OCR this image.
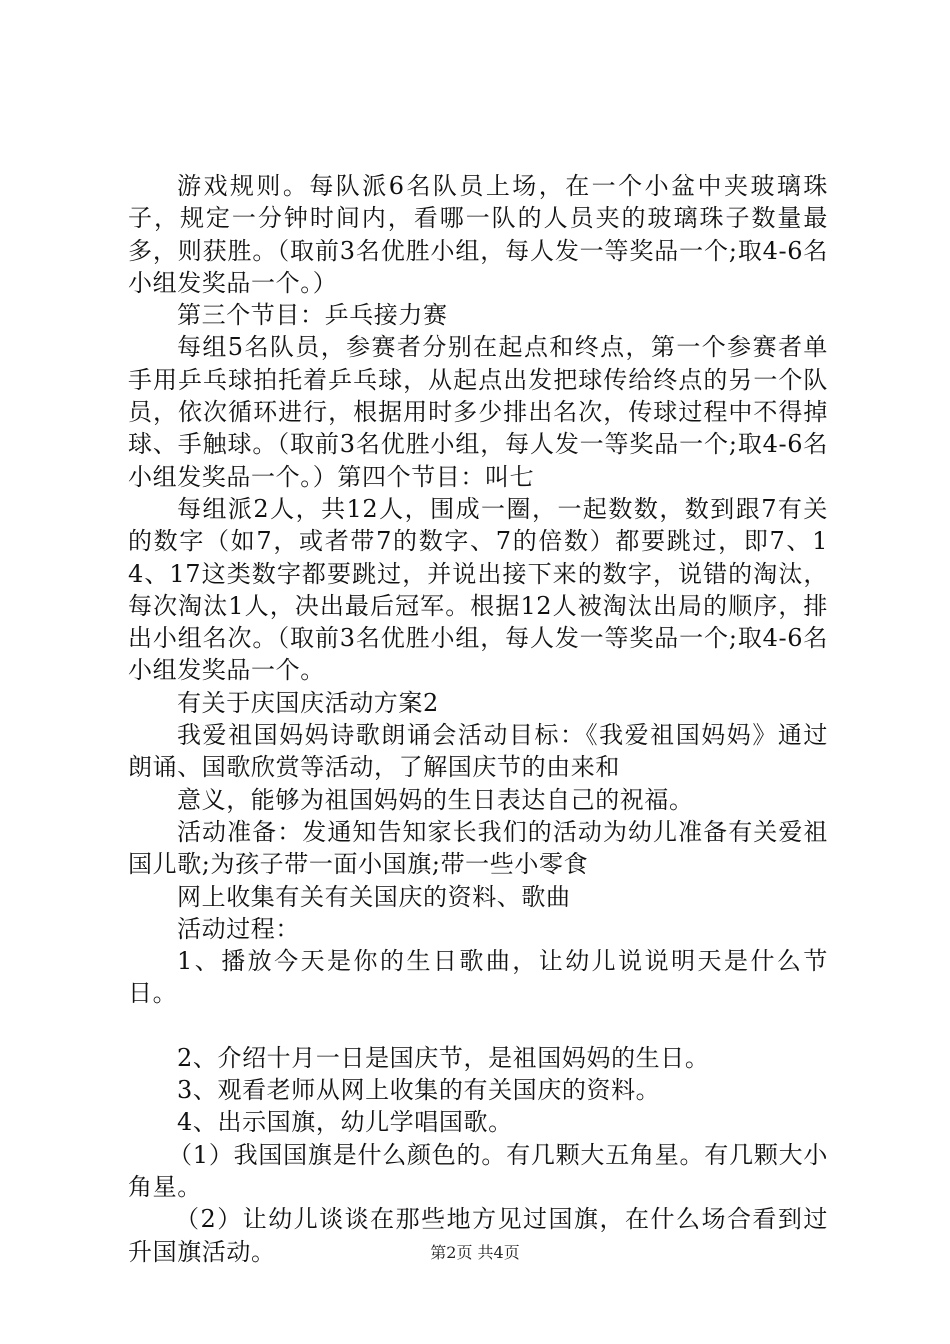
游戏规则。每队派6名队员上场，在一个小盆中夹玻璃珠子，规定一分钟时间内，看哪一队的人员夹的玻璃珠子数量最多，则获胜。（取前3名优胜小组，每人发一等奖品一个;取4-6名小组发奖品一个。）

第三个节目：乒乓接力赛

每组5名队员，参赛者分别在起点和终点，第一个参赛者单手用乒乓球拍托着乒乓球，从起点出发把球传给终点的另一个队员，依次循环进行，根据用时多少排出名次，传球过程中不得掉球、手触球。（取前3名优胜小组，每人发一等奖品一个;取4-6名小组发奖品一个。）第四个节目：叫七

每组派2人，共12人，围成一圈，一起数数，数到跟7有关的数字（如7，或者带7的数字、7的倍数）都要跳过，即7、14、17这类数字都要跳过，并说出接下来的数字，说错的淘汰，每次淘汰1人，决出最后冠军。根据12人被淘汰出局的顺序，排出小组名次。（取前3名优胜小组，每人发一等奖品一个;取4-6名小组发奖品一个。

有关于庆国庆活动方案2

我爱祖国妈妈诗歌朗诵会活动目标：《我爱祖国妈妈》通过朗诵、国歌欣赏等活动，了解国庆节的由来和

意义，能够为祖国妈妈的生日表达自己的祝福。

活动准备：发通知告知家长我们的活动为幼儿准备有关爱祖国儿歌;为孩子带一面小国旗;带一些小零食

网上收集有关有关国庆的资料、歌曲

活动过程：

1、播放今天是你的生日歌曲，让幼儿说说明天是什么节日。

2、介绍十月一日是国庆节，是祖国妈妈的生日。

3、观看老师从网上收集的有关国庆的资料。

4、出示国旗，幼儿学唱国歌。

（1）我国国旗是什么颜色的。有几颗大五角星。有几颗大小角星。

（2）让幼儿谈谈在那些地方见过国旗，在什么场合看到过升国旗活动。	第2页 共4页
